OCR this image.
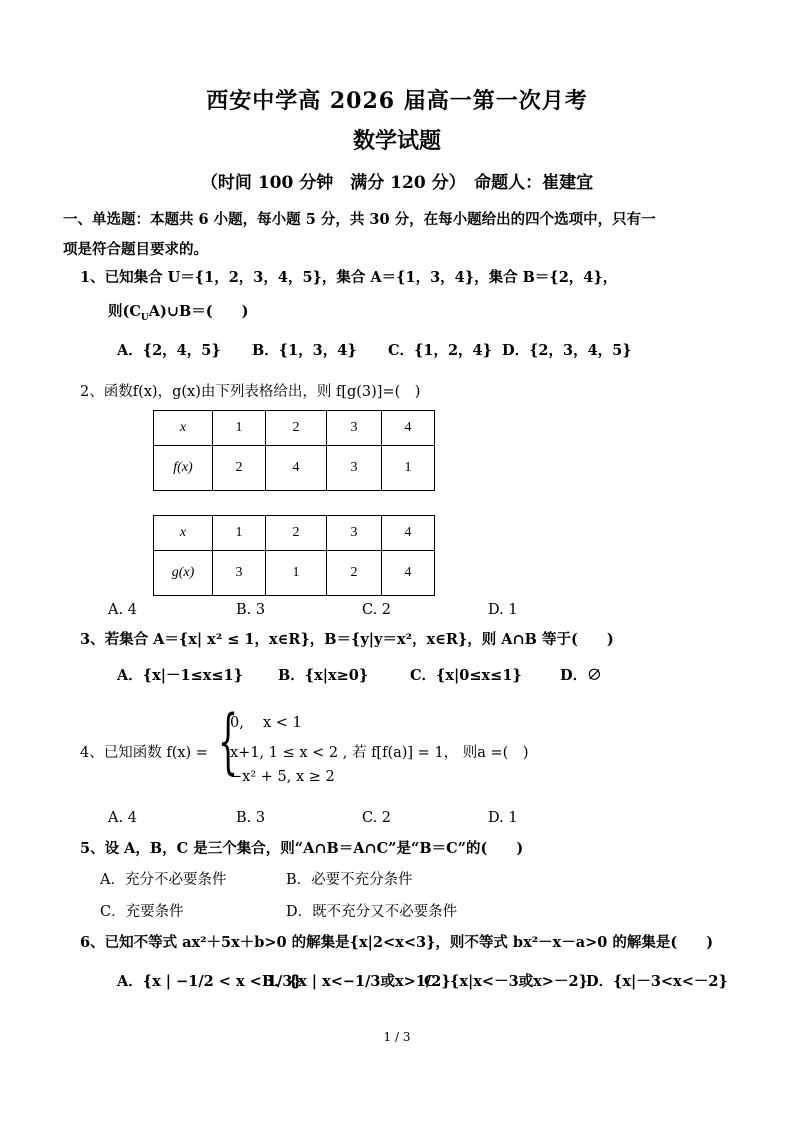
西安中学高 2026 届高一第一次月考
数学试题
（时间 100 分钟　满分 120 分）　命题人：崔建宜
一、单选题：本题共 6 小题，每小题 5 分，共 30 分，在每小题给出的四个选项中，只有一
项是符合题目要求的。
1、已知集合 U＝{1，2，3，4，5}，集合 A＝{1，3，4}，集合 B＝{2，4}，
则$(C_UA)\cup B=$(　　)
A．{2，4，5} B．{1，3，4} C．{1，2，4} D．{2，3，4，5}
2、函数f(x)，g(x)由下列表格给出，则 f[g(3)]=(　)
x	1	2	3	4
f(x)	2	4	3	1
x	1	2	3	4
g(x)	3	1	2	4
A. 4	B. 3	C. 2	D. 1
3、若集合 A＝{x| x² ≤ 1，x∈R}，B＝{y|y＝x²，x∈R}，则 A∩B 等于(　　)
A．{x|－1≤x≤1} B．{x|x≥0}	C．{x|0≤x≤1}	D．∅
0,　 x < 1
4、已知函数 f(x) = {
x+1, 1 ≤ x < 2 , 若 f[f(a)] = 1， 则a =(　)
−x² + 5, x ≥ 2
A. 4	B. 3	C. 2	D. 1
5、设 A，B，C 是三个集合，则“A∩B＝A∩C”是“B＝C”的(　　)
A．充分不必要条件	B．必要不充分条件
C．充要条件	D．既不充分又不必要条件
6、已知不等式 ax²＋5x＋b>0 的解集是{x|2<x<3}，则不等式 bx²－x－a>0 的解集是(　　)
A．{x | −1/2 < x < 1/3}
B．{x | x<−1/3或x>1/2}
C．{x|x<－3或x>－2}
D．{x|－3<x<－2}
1 / 3
